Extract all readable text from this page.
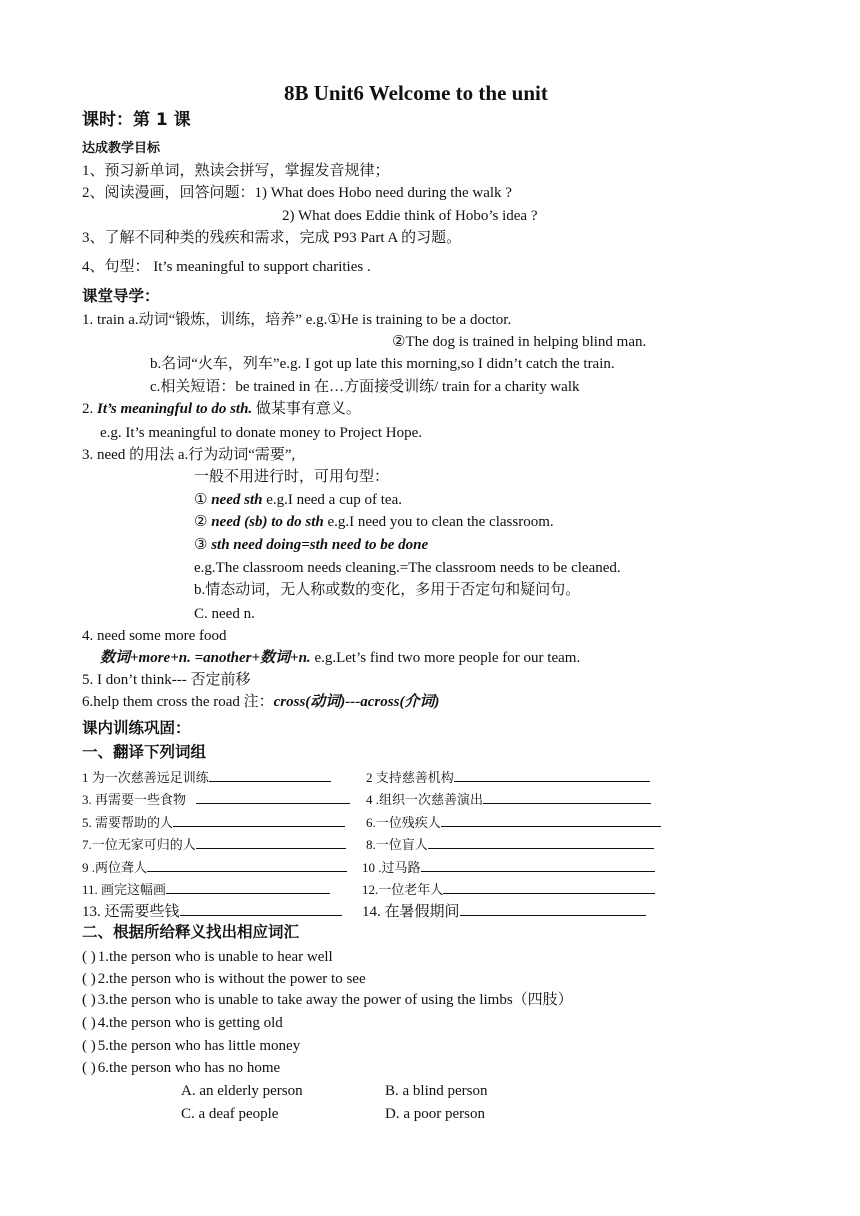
8B Unit6 Welcome to the unit
课时：第 1 课
达成教学目标
1、预习新单词，熟读会拼写，掌握发音规律；
2、阅读漫画，回答问题：1) What does Hobo need during the walk ?
2) What does Eddie think of Hobo’s idea ?
3、了解不同种类的残疾和需求，完成 P93 Part A 的习题。
4、句型： It’s meaningful to support charities .
课堂导学：
1. train a.动词“锻炼，训练，培养” e.g.①He is training to be a doctor.
②The dog is trained in helping blind man.
b.名词“火车，列车”e.g. I got up late this morning,so I didn’t catch the train.
c.相关短语：be trained in 在…方面接受训练/ train for a charity walk
2. It’s meaningful to do sth. 做某事有意义。
e.g. It’s meaningful to donate money to Project Hope.
3. need 的用法 a.行为动词“需要”,
一般不用进行时，可用句型：
① need sth e.g.I need a cup of tea.
② need (sb) to do sth e.g.I need you to clean the classroom.
③ sth need doing=sth need to be done
e.g.The classroom needs cleaning.=The classroom needs to be cleaned.
b.情态动词，无人称或数的变化，多用于否定句和疑问句。
C. need n.
4. need some more food
数词+more+n. =another+数词+n. e.g.Let’s find two more people for our team.
5. I don’t think--- 否定前移
6.help them cross the road 注：cross(动词)---across(介词)
课内训练巩固：
一、翻译下列词组
1 为一次慈善远足训练
3. 再需要一些食物
5. 需要帮助的人
7.一位无家可归的人
9 .两位聋人
11. 画完这幅画
13. 还需要些钱
2 支持慈善机构
4 .组织一次慈善演出
6.一位残疾人
8.一位盲人
10 .过马路
12.一位老年人
14. 在暑假期间
二、根据所给释义找出相应词汇
( ) 1.the person who is unable to hear well
( ) 2.the person who is without the power to see
( ) 3.the person who is unable to take away the power of using the limbs（四肢）
( ) 4.the person who is getting old
( ) 5.the person who has little money
( ) 6.the person who has no home
A. an elderly person	B. a blind person
C. a deaf people	D. a poor person
